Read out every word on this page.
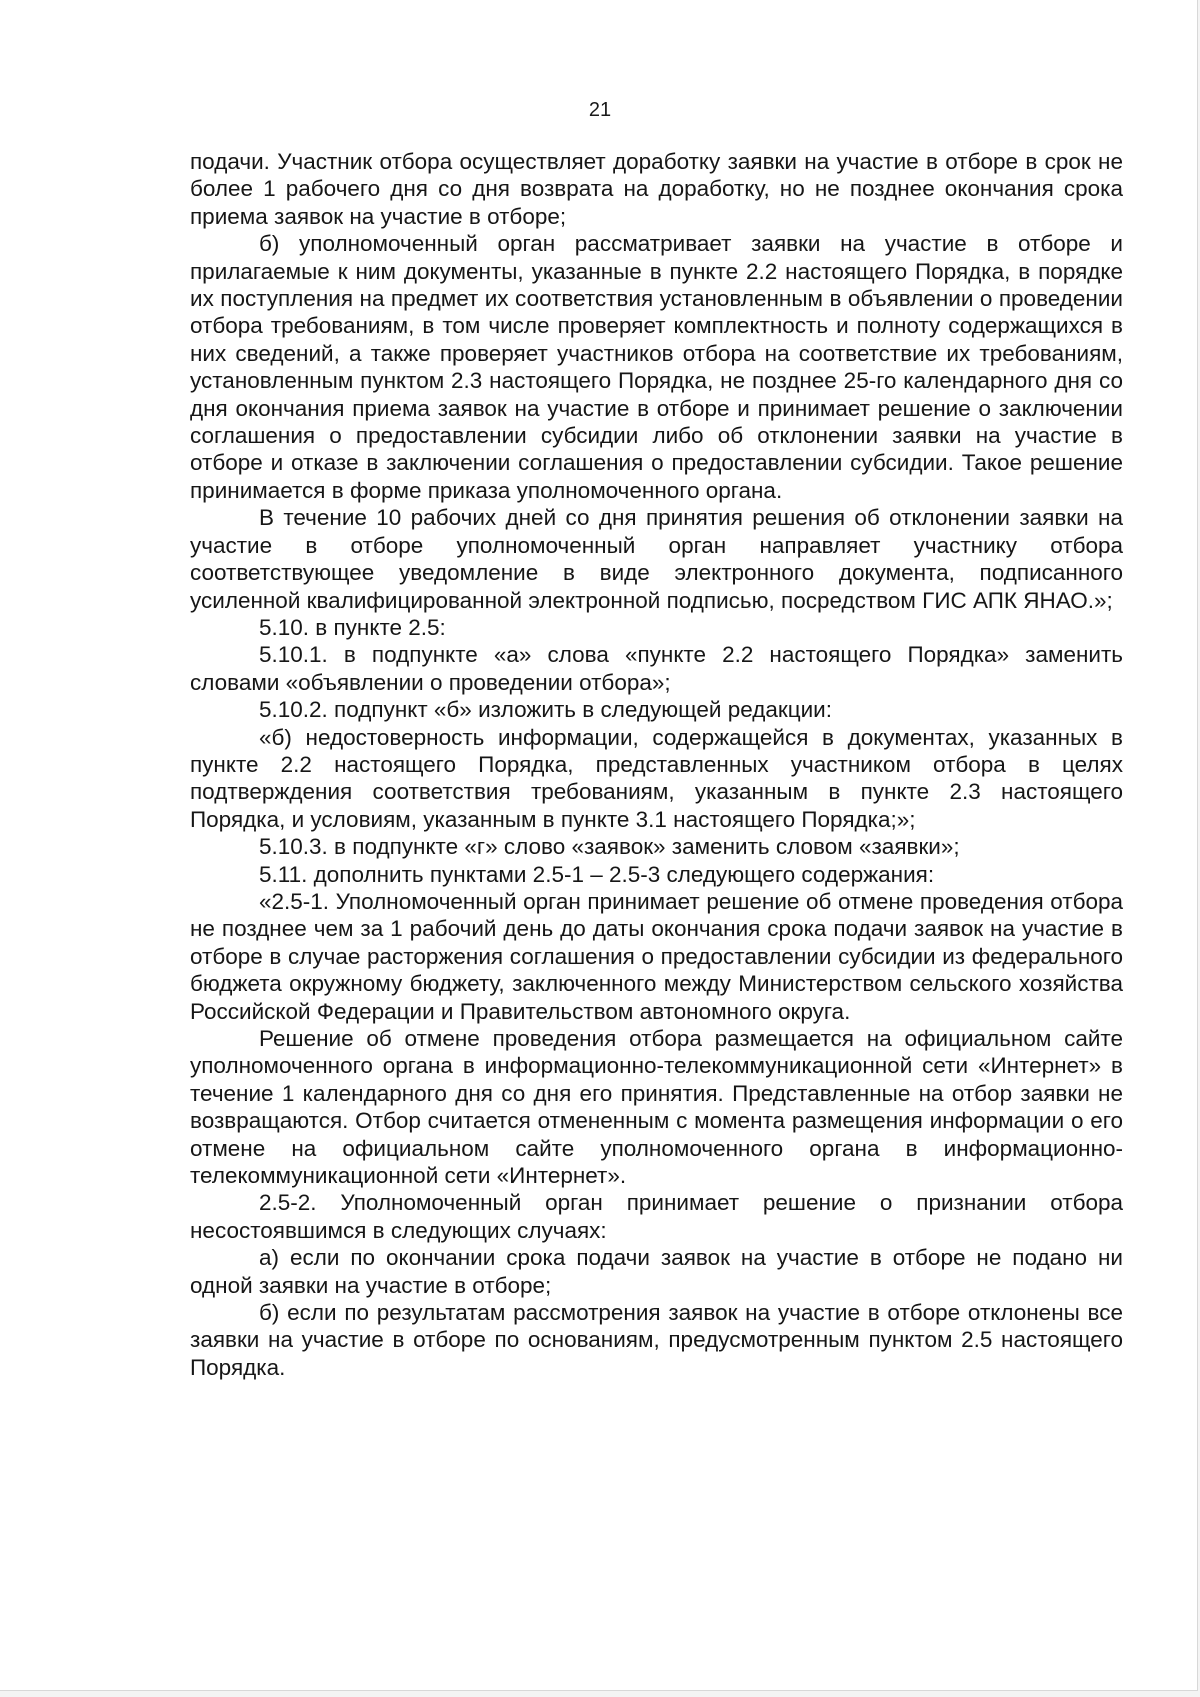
21

подачи. Участник отбора осуществляет доработку заявки на участие в отборе в срок не более 1 рабочего дня со дня возврата на доработку, но не позднее окончания срока приема заявок на участие в отборе;

б) уполномоченный орган рассматривает заявки на участие в отборе и прилагаемые к ним документы, указанные в пункте 2.2 настоящего Порядка, в порядке их поступления на предмет их соответствия установленным в объявлении о проведении отбора требованиям, в том числе проверяет комплектность и полноту содержащихся в них сведений, а также проверяет участников отбора на соответствие их требованиям, установленным пунктом 2.3 настоящего Порядка, не позднее 25-го календарного дня со дня окончания приема заявок на участие в отборе и принимает решение о заключении соглашения о предоставлении субсидии либо об отклонении заявки на участие в отборе и отказе в заключении соглашения о предоставлении субсидии. Такое решение принимается в форме приказа уполномоченного органа.

В течение 10 рабочих дней со дня принятия решения об отклонении заявки на участие в отборе уполномоченный орган направляет участнику отбора соответствующее уведомление в виде электронного документа, подписанного усиленной квалифицированной электронной подписью, посредством ГИС АПК ЯНАО.»;

5.10. в пункте 2.5:

5.10.1. в подпункте «а» слова «пункте 2.2 настоящего Порядка» заменить словами «объявлении о проведении отбора»;

5.10.2. подпункт «б» изложить в следующей редакции:

«б) недостоверность информации, содержащейся в документах, указанных в пункте 2.2 настоящего Порядка, представленных участником отбора в целях подтверждения соответствия требованиям, указанным в пункте 2.3 настоящего Порядка, и условиям, указанным в пункте 3.1 настоящего Порядка;»;

5.10.3. в подпункте «г» слово «заявок» заменить словом «заявки»;

5.11. дополнить пунктами 2.5-1 – 2.5-3 следующего содержания:

«2.5-1. Уполномоченный орган принимает решение об отмене проведения отбора не позднее чем за 1 рабочий день до даты окончания срока подачи заявок на участие в отборе в случае расторжения соглашения о предоставлении субсидии из федерального бюджета окружному бюджету, заключенного между Министерством сельского хозяйства Российской Федерации и Правительством автономного округа.

Решение об отмене проведения отбора размещается на официальном сайте уполномоченного органа в информационно-телекоммуникационной сети «Интернет» в течение 1 календарного дня со дня его принятия. Представленные на отбор заявки не возвращаются. Отбор считается отмененным с момента размещения информации о его отмене на официальном сайте уполномоченного органа в информационно-телекоммуникационной сети «Интернет».

2.5-2. Уполномоченный орган принимает решение о признании отбора несостоявшимся в следующих случаях:

а) если по окончании срока подачи заявок на участие в отборе не подано ни одной заявки на участие в отборе;

б) если по результатам рассмотрения заявок на участие в отборе отклонены все заявки на участие в отборе по основаниям, предусмотренным пунктом 2.5 настоящего Порядка.
